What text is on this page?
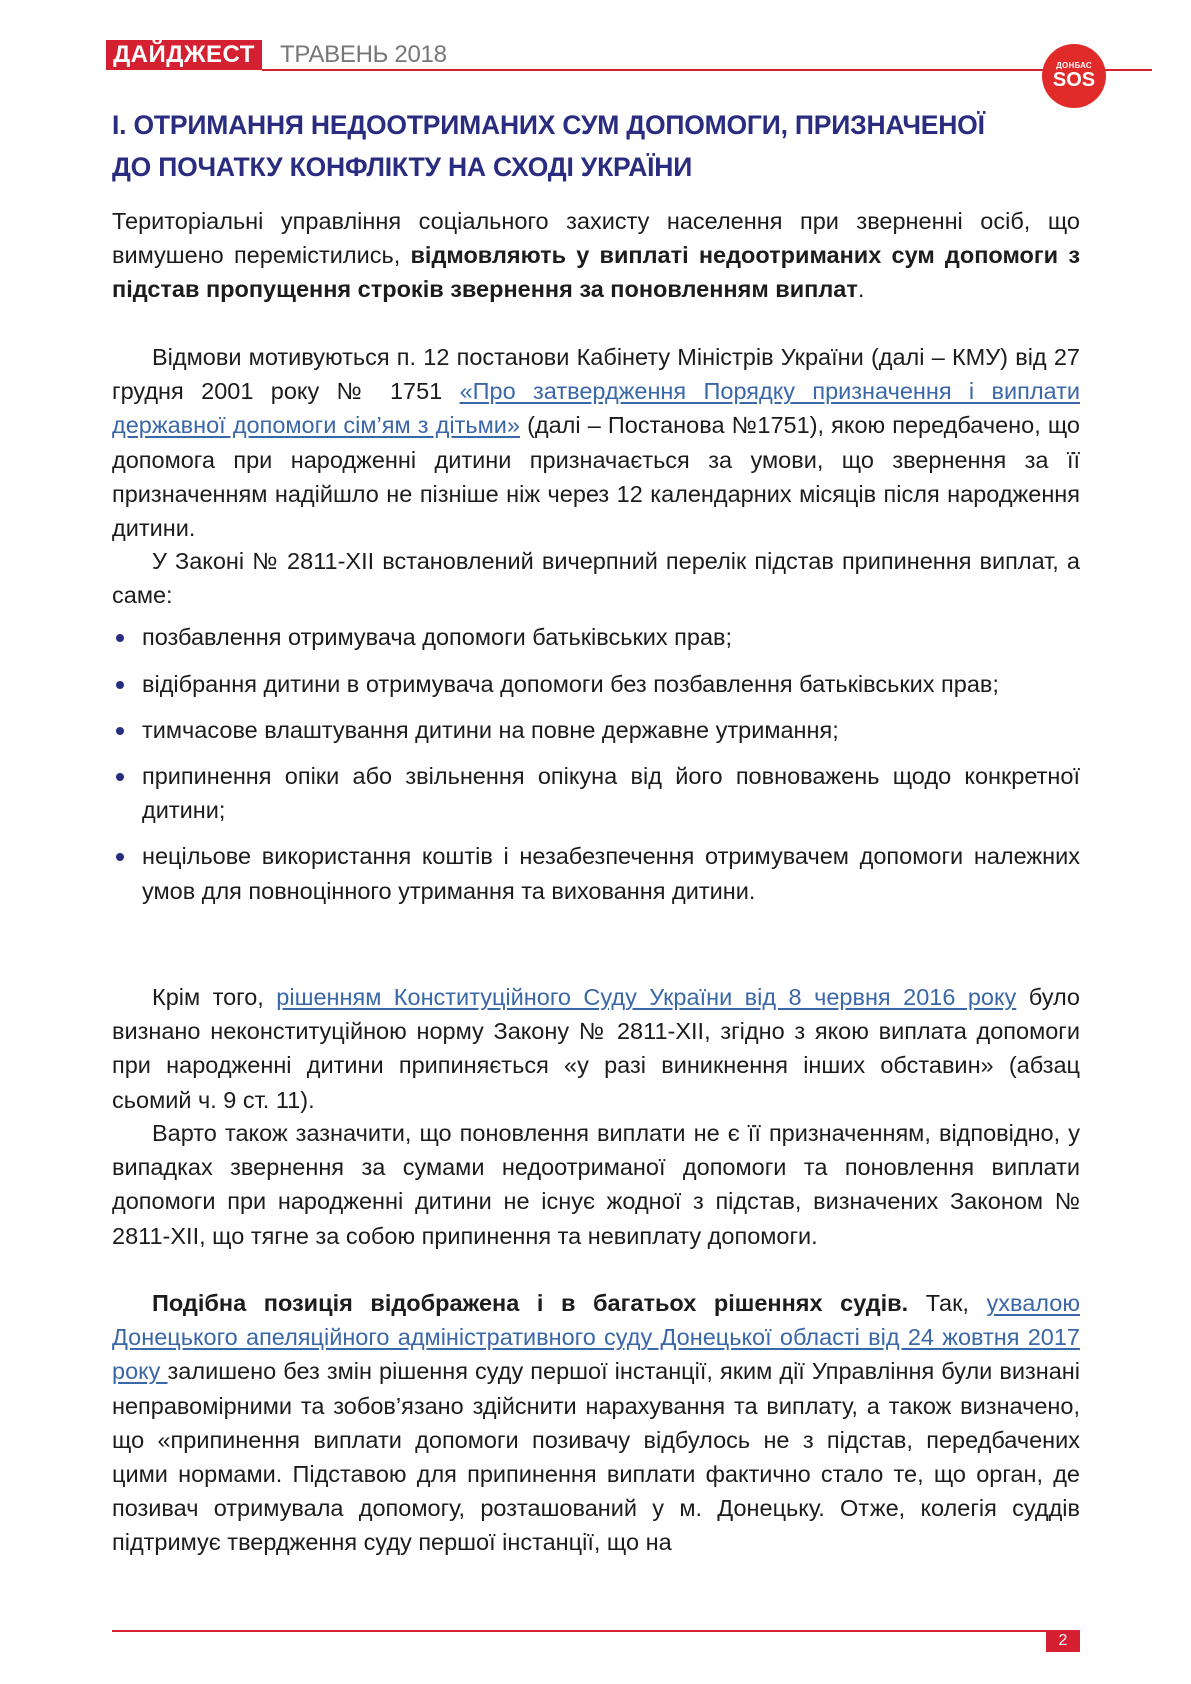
ДАЙДЖЕСТ ТРАВЕНЬ 2018	ДОНБАС
SOS
І. ОТРИМАННЯ НЕДООТРИМАНИХ СУМ ДОПОМОГИ, ПРИЗНАЧЕНОЇ
ДО ПОЧАТКУ КОНФЛІКТУ НА СХОДІ УКРАЇНИ

Територіальні управління соціального захисту населення при зверненні осіб, що вимушено перемістились, відмовляють у виплаті недоотриманих сум допомоги з підстав пропущення строків звернення за поновленням виплат.

Відмови мотивуються п. 12 постанови Кабінету Міністрів України (далі – КМУ) від 27 грудня 2001 року № 1751 «Про затвердження Порядку призначення і виплати державної допомоги сім’ям з дітьми» (далі – Постанова №1751), якою передбачено, що допомога при народженні дитини призначається за умови, що звернення за її призначенням надійшло не пізніше ніж через 12 календарних місяців після народження дитини.

У Законі № 2811-XII встановлений вичерпний перелік підстав припинення виплат, а саме:

позбавлення отримувача допомоги батьківських прав;
відібрання дитини в отримувача допомоги без позбавлення батьківських прав;
тимчасове влаштування дитини на повне державне утримання;
припинення опіки або звільнення опікуна від його повноважень щодо конкретної дитини;
нецільове використання коштів і незабезпечення отримувачем допомоги належних умов для повноцінного утримання та виховання дитини.

Крім того, рішенням Конституційного Суду України від 8 червня 2016 року було визнано неконституційною норму Закону № 2811-XII, згідно з якою виплата допомоги при народженні дитини припиняється «у разі виникнення інших обставин» (абзац сьомий ч. 9 ст. 11).

Варто також зазначити, що поновлення виплати не є її призначенням, відповідно, у випадках звернення за сумами недоотриманої допомоги та поновлення виплати допомоги при народженні дитини не існує жодної з підстав, визначених Законом № 2811-XII, що тягне за собою припинення та невиплату допомоги.

Подібна позиція відображена і в багатьох рішеннях судів. Так, ухвалою Донецького апеляційного адміністративного суду Донецької області від 24 жовтня 2017 року залишено без змін рішення суду першої інстанції, яким дії Управління були визнані неправомірними та зобов’язано здійснити нарахування та виплату, а також визначено, що «припинення виплати допомоги позивачу відбулось не з підстав, передбачених цими нормами. Підставою для припинення виплати фактично стало те, що орган, де позивач отримувала допомогу, розташований у м. Донецьку. Отже, колегія суддів підтримує твердження суду першої інстанції, що на

2
